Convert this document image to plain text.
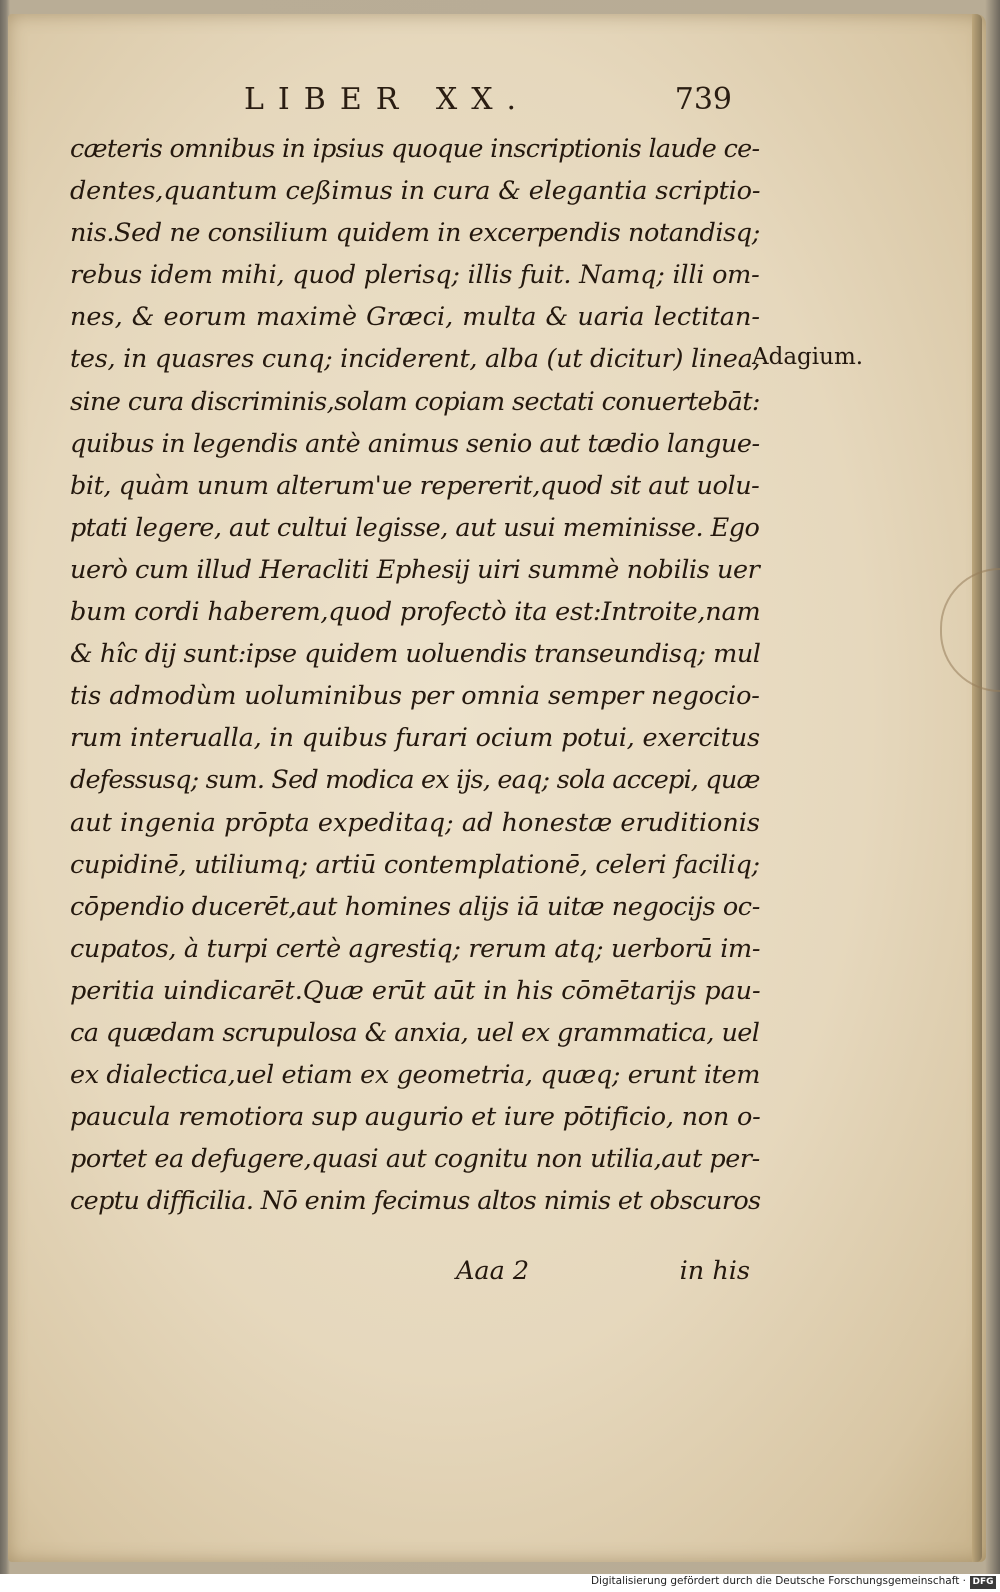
LIBER XX.	739
cæteris omnibus in ipsius quoque inscriptionis laude ce-
dentes,quantum ceßimus in cura & elegantia scriptio-
nis.Sed ne consilium quidem in excerpendis notandisq;
rebus idem mihi, quod plerisq; illis fuit. Namq; illi om-
nes, & eorum maximè Græci, multa & uaria lectitan-
tes, in quasres cunq; inciderent, alba (ut dicitur) linea,
sine cura discriminis,solam copiam sectati conuertebāt:
quibus in legendis antè animus senio aut tædio langue-
bit, quàm unum alterum'ue repererit,quod sit aut uolu-
ptati legere, aut cultui legisse, aut usui meminisse. Ego
uerò cum illud Heracliti Ephesij uiri summè nobilis uer
bum cordi haberem,quod profectò ita est:Introite,nam
& hîc dij sunt:ipse quidem uoluendis transeundisq; mul
tis admodùm uoluminibus per omnia semper negocio-
rum interualla, in quibus furari ocium potui, exercitus
defessusq; sum. Sed modica ex ijs, eaq; sola accepi, quæ
aut ingenia prōpta expeditaq; ad honestæ eruditionis
cupidinē, utiliumq; artiū contemplationē, celeri faciliq;
cōpendio ducerēt,aut homines alijs iā uitæ negocijs oc-
cupatos, à turpi certè agrestiq; rerum atq; uerborū im-
peritia uindicarēt.Quæ erūt aūt in his cōmētarijs pau-
ca quædam scrupulosa & anxia, uel ex grammatica, uel
ex dialectica,uel etiam ex geometria, quæq; erunt item
paucula remotiora sup augurio et iure pōtificio, non o-
portet ea defugere,quasi aut cognitu non utilia,aut per-
ceptu difficilia. Nō enim fecimus altos nimis et obscuros
Adagium.
Aaa 2	in his
Digitalisierung gefördert durch die Deutsche Forschungsgemeinschaft · DFG
